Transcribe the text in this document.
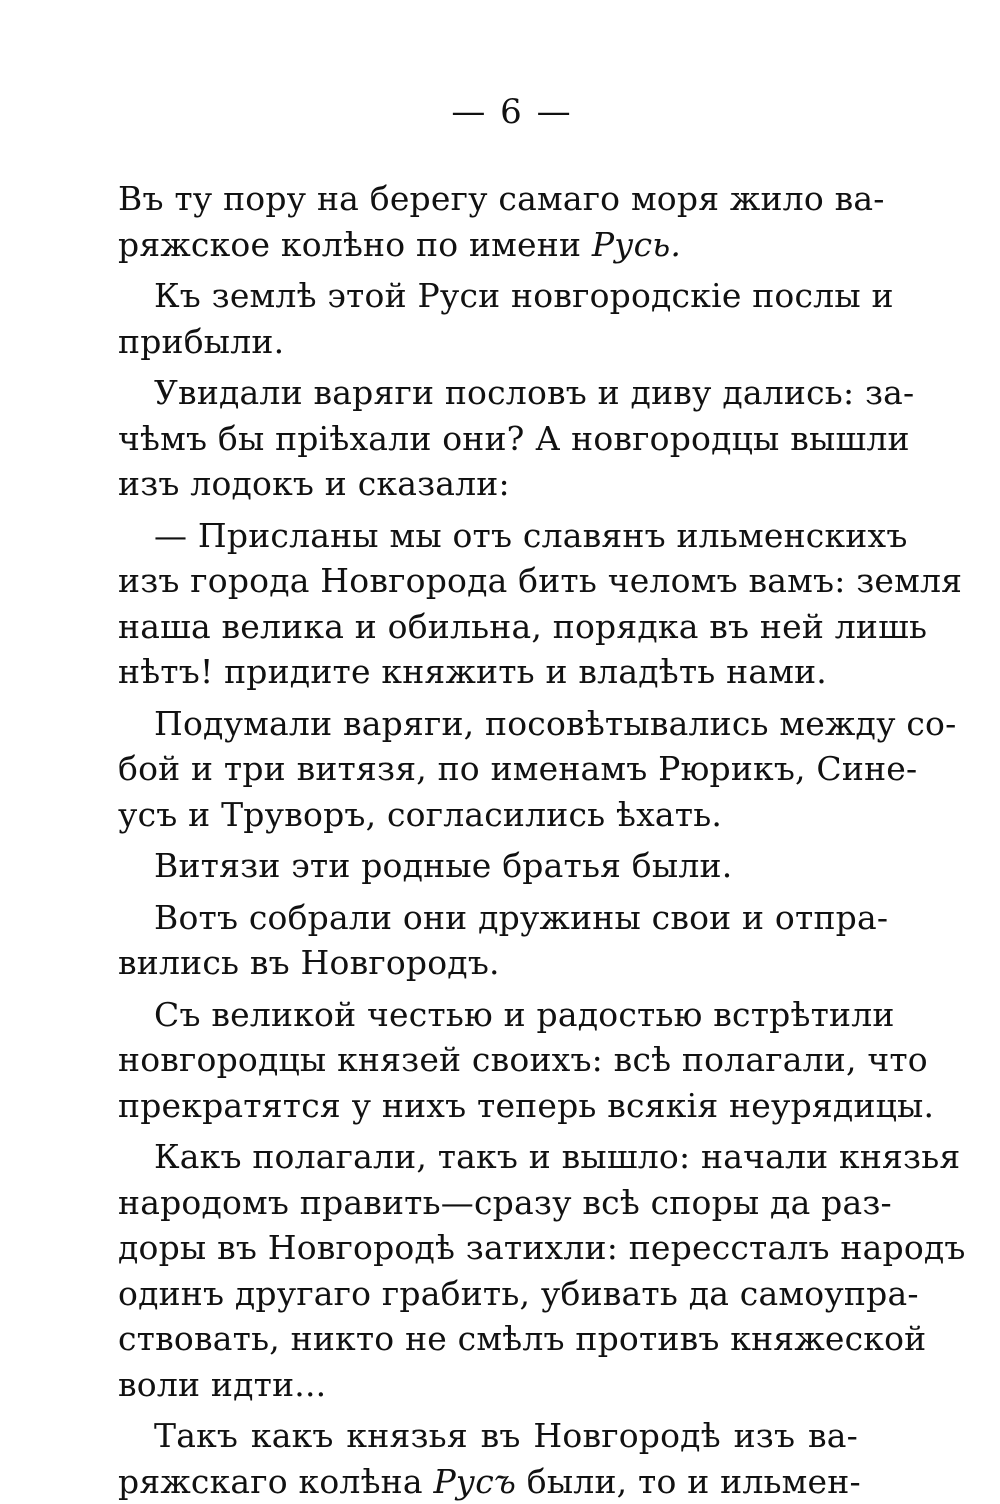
— 6 —
Въ ту пору на берегу самаго моря жило ва-
ряжское колѣно по имени Русь.
Къ землѣ этой Руси новгородскіе послы и
прибыли.
Увидали варяги пословъ и диву дались: за-
чѣмъ бы пріѣхали они? А новгородцы вышли
изъ лодокъ и сказали:
— Присланы мы отъ славянъ ильменскихъ
изъ города Новгорода бить челомъ вамъ: земля
наша велика и обильна, порядка въ ней лишь
нѣтъ! придите княжить и владѣть нами.
Подумали варяги, посовѣтывались между со-
бой и три витязя, по именамъ Рюрикъ, Сине-
усъ и Труворъ, согласились ѣхать.
Витязи эти родные братья были.
Вотъ собрали они дружины свои и отпра-
вились въ Новгородъ.
Съ великой честью и радостью встрѣтили
новгородцы князей своихъ: всѣ полагали, что
прекратятся у нихъ теперь всякія неурядицы.
Какъ полагали, такъ и вышло: начали князья
народомъ править—сразу всѣ споры да раз-
доры въ Новгородѣ затихли: перессталъ народъ
одинъ другаго грабить, убивать да самоупра-
ствовать, никто не смѣлъ противъ княжеской
воли идти...
Такъ какъ князья въ Новгородѣ изъ ва-
ряжскаго колѣна Русъ были, то и ильмен-
